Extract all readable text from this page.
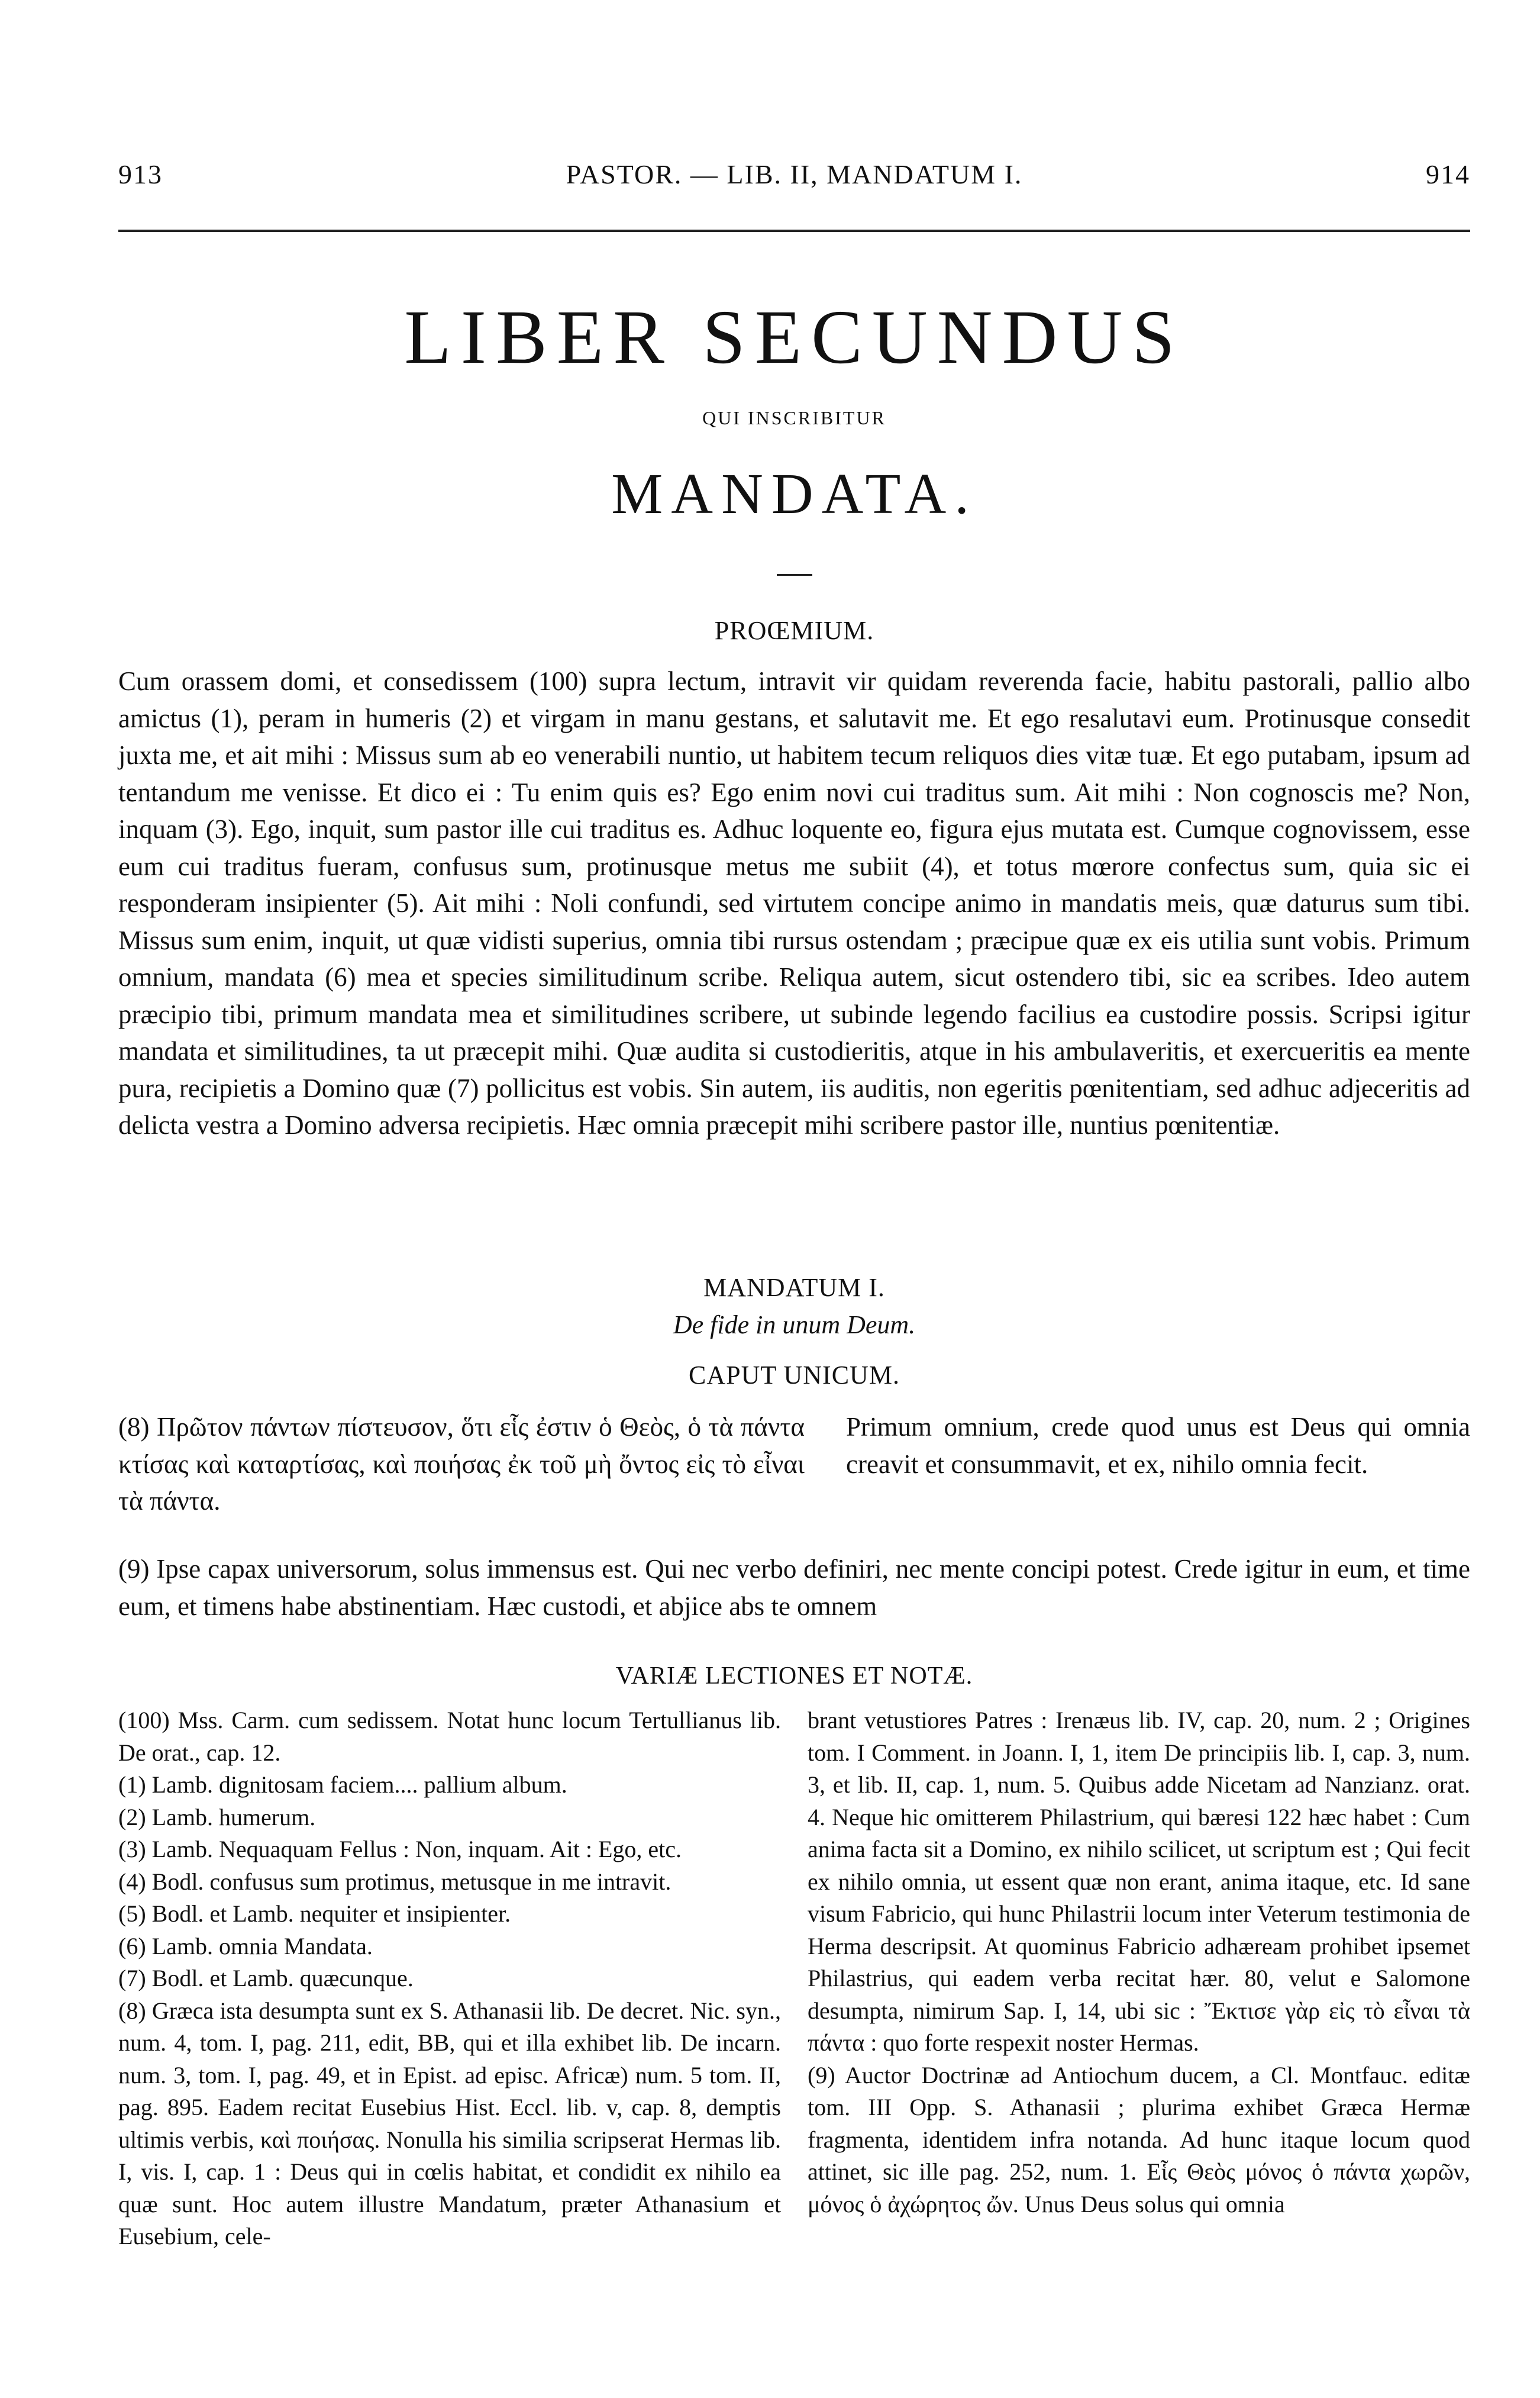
913	PASTOR. — LIB. II, MANDATUM I.	914
LIBER SECUNDUS
QUI INSCRIBITUR
MANDATA.
PROŒMIUM.

Cum orassem domi, et consedissem (100) supra lectum, intravit vir quidam reverenda facie, habitu pastorali, pallio albo amictus (1), peram in humeris (2) et virgam in manu gestans, et salutavit me. Et ego resalutavi eum. Protinusque consedit juxta me, et ait mihi : Missus sum ab eo venerabili nuntio, ut habitem tecum reliquos dies vitæ tuæ. Et ego putabam, ipsum ad tentandum me venisse. Et dico ei : Tu enim quis es? Ego enim novi cui traditus sum. Ait mihi : Non cognoscis me? Non, inquam (3). Ego, inquit, sum pastor ille cui traditus es. Adhuc loquente eo, figura ejus mutata est. Cumque cognovissem, esse eum cui traditus fueram, confusus sum, protinusque metus me subiit (4), et totus mœrore confectus sum, quia sic ei responderam insipienter (5). Ait mihi : Noli confundi, sed virtutem concipe animo in mandatis meis, quæ daturus sum tibi. Missus sum enim, inquit, ut quæ vidisti superius, omnia tibi rursus ostendam ; præcipue quæ ex eis utilia sunt vobis. Primum omnium, mandata (6) mea et species similitudinum scribe. Reliqua autem, sicut ostendero tibi, sic ea scribes. Ideo autem præcipio tibi, primum mandata mea et similitudines scribere, ut subinde legendo facilius ea custodire possis. Scripsi igitur mandata et similitudines, ta ut præcepit mihi. Quæ audita si custodieritis, atque in his ambulaveritis, et exercueritis ea mente pura, recipietis a Domino quæ (7) pollicitus est vobis. Sin autem, iis auditis, non egeritis pœnitentiam, sed adhuc adjeceritis ad delicta vestra a Domino adversa recipietis. Hæc omnia præcepit mihi scribere pastor ille, nuntius pœnitentiæ.

MANDATUM I.
De fide in unum Deum.
CAPUT UNICUM.
(8) Πρῶτον πάντων πίστευσον, ὅτι εἷς ἐστιν ὁ Θεὸς, ὁ τὰ πάντα κτίσας καὶ καταρτίσας, καὶ ποιήσας ἐκ τοῦ μὴ ὄντος εἰς τὸ εἶναι τὰ πάντα.
Primum omnium, crede quod unus est Deus qui omnia creavit et consummavit, et ex, nihilo omnia fecit.
(9) Ipse capax universorum, solus immensus est. Qui nec verbo definiri, nec mente concipi potest. Crede igitur in eum, et time eum, et timens habe abstinentiam. Hæc custodi, et abjice abs te omnem
VARIÆ LECTIONES ET NOTÆ.

(100) Mss. Carm. cum sedissem. Notat hunc locum Tertullianus lib. De orat., cap. 12.

(1) Lamb. dignitosam faciem.... pallium album.

(2) Lamb. humerum.

(3) Lamb. Nequaquam Fellus : Non, inquam. Ait : Ego, etc.

(4) Bodl. confusus sum protimus, metusque in me intravit.

(5) Bodl. et Lamb. nequiter et insipienter.

(6) Lamb. omnia Mandata.

(7) Bodl. et Lamb. quæcunque.

(8) Græca ista desumpta sunt ex S. Athanasii lib. De decret. Nic. syn., num. 4, tom. I, pag. 211, edit, BB, qui et illa exhibet lib. De incarn. num. 3, tom. I, pag. 49, et in Epist. ad episc. Africæ) num. 5 tom. II, pag. 895. Eadem recitat Eusebius Hist. Eccl. lib. v, cap. 8, demptis ultimis verbis, καὶ ποιήσας. Nonulla his similia scripserat Hermas lib. I, vis. I, cap. 1 : Deus qui in cœlis habitat, et condidit ex nihilo ea quæ sunt. Hoc autem illustre Mandatum, præter Athanasium et Eusebium, cele-

brant vetustiores Patres : Irenæus lib. IV, cap. 20, num. 2 ; Origines tom. I Comment. in Joann. I, 1, item De principiis lib. I, cap. 3, num. 3, et lib. II, cap. 1, num. 5. Quibus adde Nicetam ad Nanzianz. orat. 4. Neque hic omitterem Philastrium, qui bæresi 122 hæc habet : Cum anima facta sit a Domino, ex nihilo scilicet, ut scriptum est ; Qui fecit ex nihilo omnia, ut essent quæ non erant, anima itaque, etc. Id sane visum Fabricio, qui hunc Philastrii locum inter Veterum testimonia de Herma descripsit. At quominus Fabricio adhæream prohibet ipsemet Philastrius, qui eadem verba recitat hær. 80, velut e Salomone desumpta, nimirum Sap. I, 14, ubi sic : Ἔκτισε γὰρ εἰς τὸ εἶναι τὰ πάντα : quo forte respexit noster Hermas.

(9) Auctor Doctrinæ ad Antiochum ducem, a Cl. Montfauc. editæ tom. III Opp. S. Athanasii ; plurima exhibet Græca Hermæ fragmenta, identidem infra notanda. Ad hunc itaque locum quod attinet, sic ille pag. 252, num. 1. Εἷς Θεὸς μόνος ὁ πάντα χωρῶν, μόνος ὁ ἀχώρητος ὤν. Unus Deus solus qui omnia
